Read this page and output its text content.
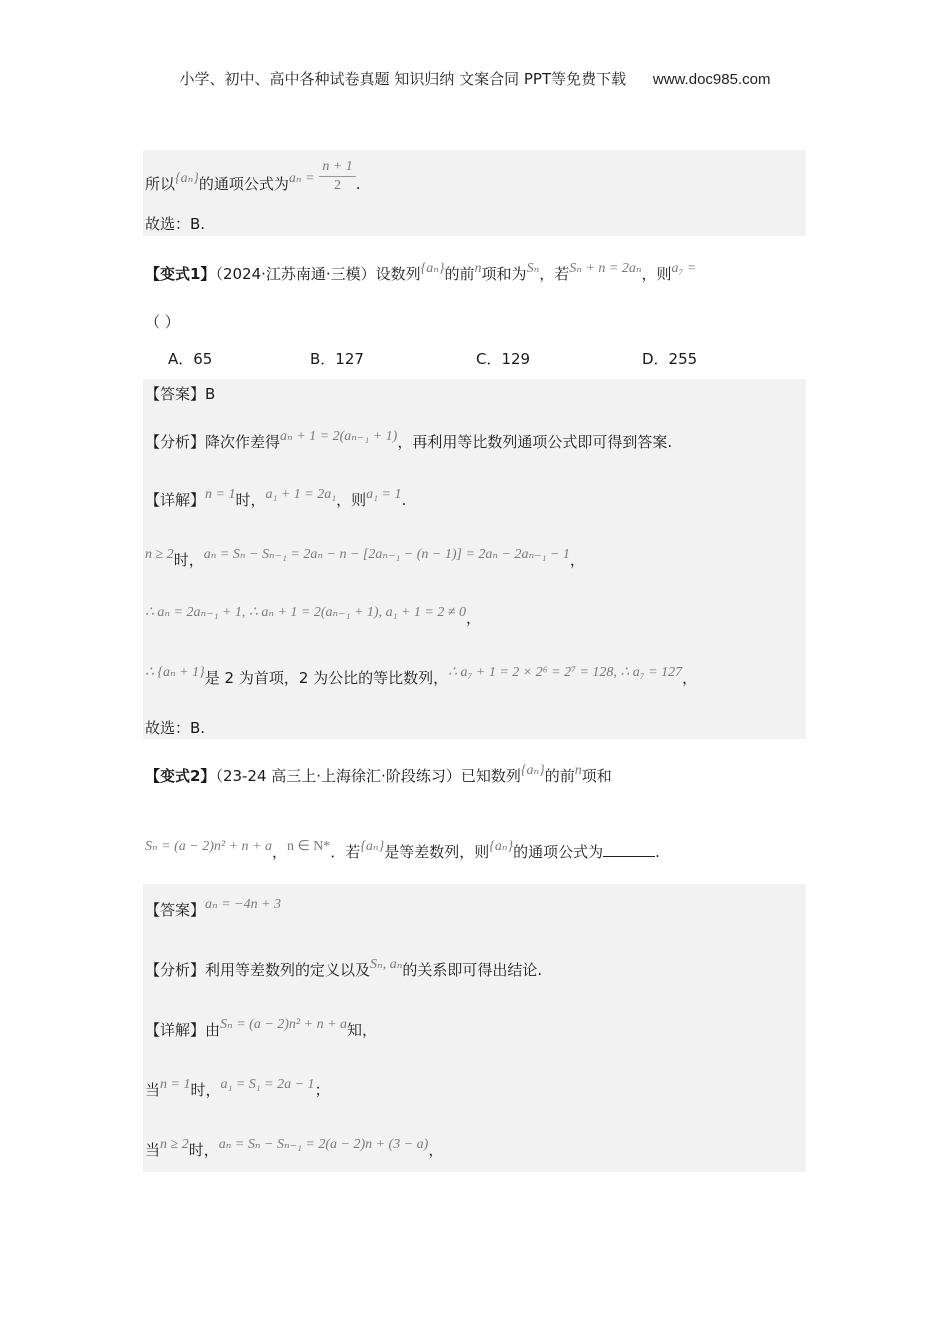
小学、初中、高中各种试卷真题 知识归纳 文案合同 PPT等免费下载 www.doc985.com
所以{aₙ}的通项公式为$a_n = \frac{n + 1}{2}$ .
故选：B.
【变式1】（2024·江苏南通·三模）设数列{aₙ}的前n项和为Sₙ，若Sₙ + n = 2aₙ，则a₇ =
（ ）
A．65	B．127	C．129	D．255
【答案】B
【分析】降次作差得aₙ + 1 = 2(aₙ₋₁ + 1)，再利用等比数列通项公式即可得到答案.
【详解】n = 1时，a₁ + 1 = 2a₁，则a₁ = 1.
n ≥ 2时，aₙ = Sₙ − Sₙ₋₁ = 2aₙ − n − [2aₙ₋₁ − (n − 1)] = 2aₙ − 2aₙ₋₁ − 1，
∴ aₙ = 2aₙ₋₁ + 1, ∴ aₙ + 1 = 2(aₙ₋₁ + 1), a₁ + 1 = 2 ≠ 0，
∴ {aₙ + 1}是 2 为首项，2 为公比的等比数列，∴ a₇ + 1 = 2 × 2⁶ = 2⁷ = 128, ∴ a₇ = 127，
故选：B.
【变式2】（23-24 高三上·上海徐汇·阶段练习）已知数列{aₙ}的前n项和
Sₙ = (a − 2)n² + n + a，n ∈ N*．若{aₙ}是等差数列，则{aₙ}的通项公式为	.
【答案】aₙ = −4n + 3
【分析】利用等差数列的定义以及Sₙ, aₙ的关系即可得出结论.
【详解】由Sₙ = (a − 2)n² + n + a知，
当n = 1时，a₁ = S₁ = 2a − 1；
当n ≥ 2时，aₙ = Sₙ − Sₙ₋₁ = 2(a − 2)n + (3 − a)，
